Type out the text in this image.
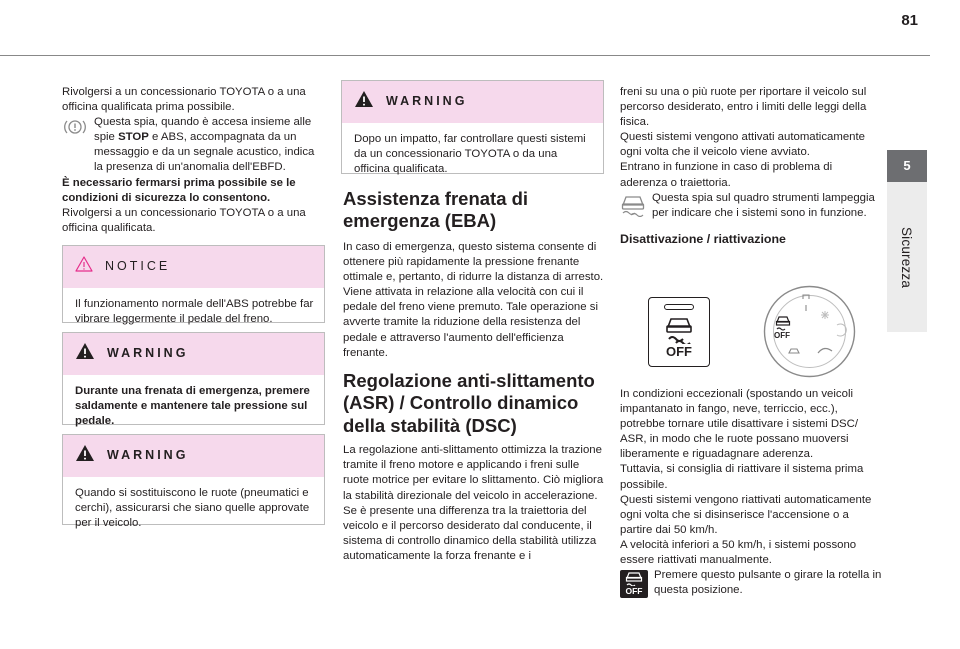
81
5
Sicurezza

Rivolgersi a un concessionario TOYOTA o a una officina qualificata prima possibile.

Questa spia, quando è accesa insieme alle spie STOP e ABS, accompagnata da un messaggio e da un segnale acustico, indica la presenza di un'anomalia dell'EBFD.

È necessario fermarsi prima possibile se le condizioni di sicurezza lo consentono.

Rivolgersi a un concessionario TOYOTA o a una officina qualificata.

NOTICE
Il funzionamento normale dell'ABS potrebbe far vibrare leggermente il pedale del freno.
WARNING
Durante una frenata di emergenza, premere saldamente e mantenere tale pressione sul pedale.
WARNING
Quando si sostituiscono le ruote (pneumatici e cerchi), assicurarsi che siano quelle approvate per il veicolo.
WARNING
Dopo un impatto, far controllare questi sistemi da un concessionario TOYOTA o da una officina qualificata.
Assistenza frenata di emergenza (EBA)

In caso di emergenza, questo sistema consente di ottenere più rapidamente la pressione frenante ottimale e, pertanto, di ridurre la distanza di arresto.

Viene attivata in relazione alla velocità con cui il pedale del freno viene premuto. Tale operazione si avverte tramite la riduzione della resistenza del pedale e attraverso l'aumento dell'efficienza frenante.

Regolazione anti-slittamento (ASR) / Controllo dinamico della stabilità (DSC)

La regolazione anti-slittamento ottimizza la trazione tramite il freno motore e applicando i freni sulle ruote motrice per evitare lo slittamento. Ciò migliora la stabilità direzionale del veicolo in accelerazione.

Se è presente una differenza tra la traiettoria del veicolo e il percorso desiderato dal conducente, il sistema di controllo dinamico della stabilità utilizza automaticamente la forza frenante e i

freni su una o più ruote per riportare il veicolo sul percorso desiderato, entro i limiti delle leggi della fisica.

Questi sistemi vengono attivati automaticamente ogni volta che il veicolo viene avviato.

Entrano in funzione in caso di problema di aderenza o traiettoria.

Questa spia sul quadro strumenti lampeggia per indicare che i sistemi sono in funzione.

Disattivazione / riattivazione

OFF
OFF

In condizioni eccezionali (spostando un veicoli impantanato in fango, neve, terriccio, ecc.), potrebbe tornare utile disattivare i sistemi DSC/ ASR, in modo che le ruote possano muoversi liberamente e riguadagnare aderenza.

Tuttavia, si consiglia di riattivare il sistema prima possibile.

Questi sistemi vengono riattivati automaticamente ogni volta che si disinserisce l'accensione o a partire dai 50 km/h.

A velocità inferiori a 50 km/h, i sistemi possono essere riattivati manualmente.

OFF

Premere questo pulsante o girare la rotella in questa posizione.
